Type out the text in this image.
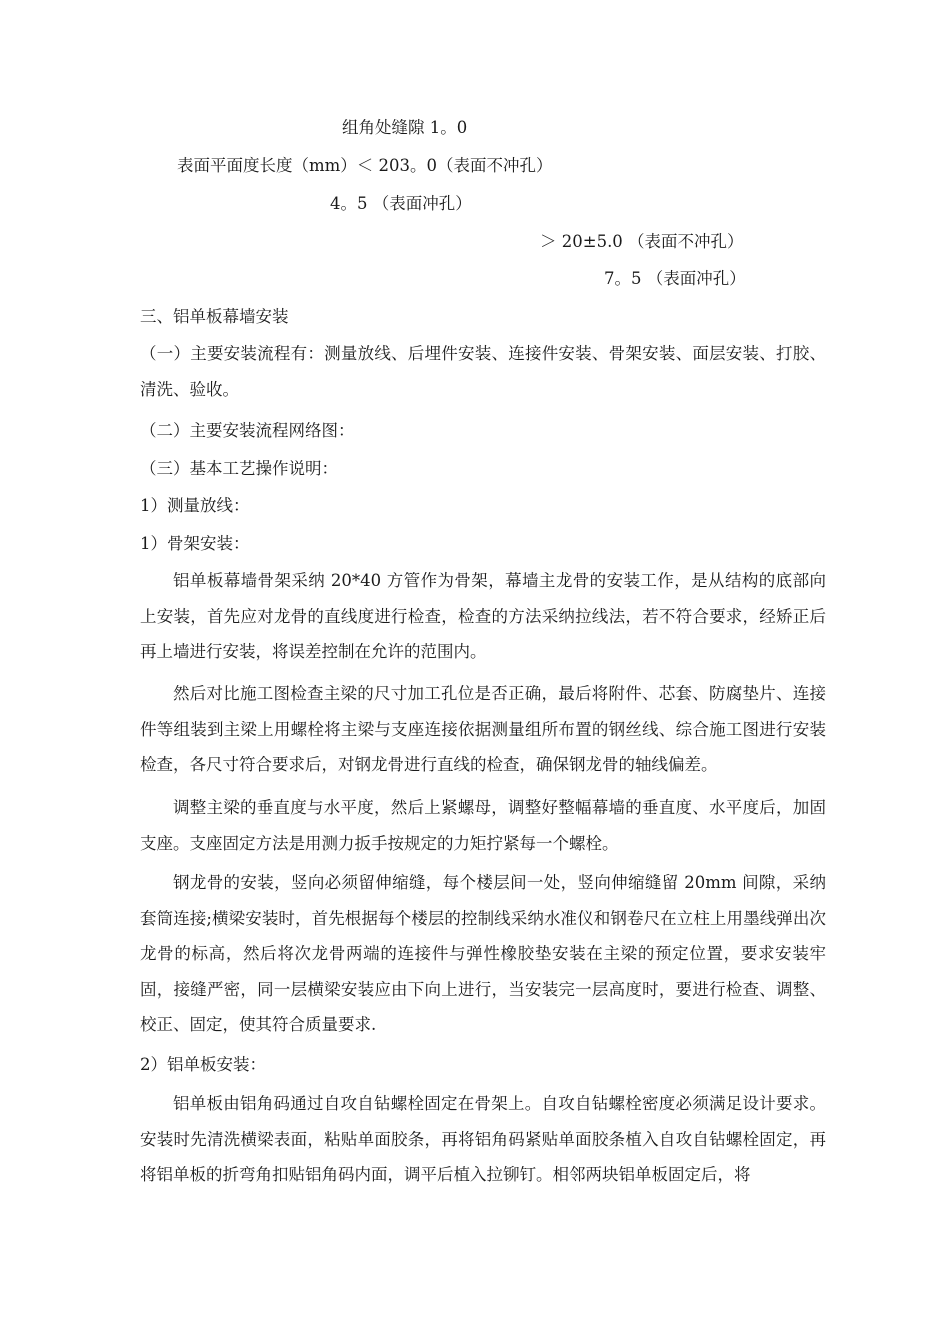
组角处缝隙 1。0
表面平面度长度（mm）＜ 203。0（表面不冲孔）
4。5 （表面冲孔）
＞ 20±5.0 （表面不冲孔）
7。5 （表面冲孔）
三、铝单板幕墙安装
（一）主要安装流程有：测量放线、后埋件安装、连接件安装、骨架安装、面层安装、打胶、清洗、验收。
（二）主要安装流程网络图：
（三）基本工艺操作说明：
1）测量放线：
1）骨架安装：
铝单板幕墙骨架采纳 20*40 方管作为骨架，幕墙主龙骨的安装工作，是从结构的底部向上安装，首先应对龙骨的直线度进行检查，检查的方法采纳拉线法，若不符合要求，经矫正后再上墙进行安装，将误差控制在允许的范围内。
然后对比施工图检查主梁的尺寸加工孔位是否正确，最后将附件、芯套、防腐垫片、连接件等组装到主梁上用螺栓将主梁与支座连接依据测量组所布置的钢丝线、综合施工图进行安装检查，各尺寸符合要求后，对钢龙骨进行直线的检查，确保钢龙骨的轴线偏差。
调整主梁的垂直度与水平度，然后上紧螺母，调整好整幅幕墙的垂直度、水平度后，加固支座。支座固定方法是用测力扳手按规定的力矩拧紧每一个螺栓。
钢龙骨的安装，竖向必须留伸缩缝，每个楼层间一处，竖向伸缩缝留 20mm 间隙，采纳套筒连接;横梁安装时，首先根据每个楼层的控制线采纳水准仪和钢卷尺在立柱上用墨线弹出次龙骨的标高，然后将次龙骨两端的连接件与弹性橡胶垫安装在主梁的预定位置，要求安装牢固，接缝严密，同一层横梁安装应由下向上进行，当安装完一层高度时，要进行检查、调整、校正、固定，使其符合质量要求.
2）铝单板安装：
铝单板由铝角码通过自攻自钻螺栓固定在骨架上。自攻自钻螺栓密度必须满足设计要求。安装时先清洗横梁表面，粘贴单面胶条，再将铝角码紧贴单面胶条植入自攻自钻螺栓固定，再将铝单板的折弯角扣贴铝角码内面，调平后植入拉铆钉。相邻两块铝单板固定后，将
